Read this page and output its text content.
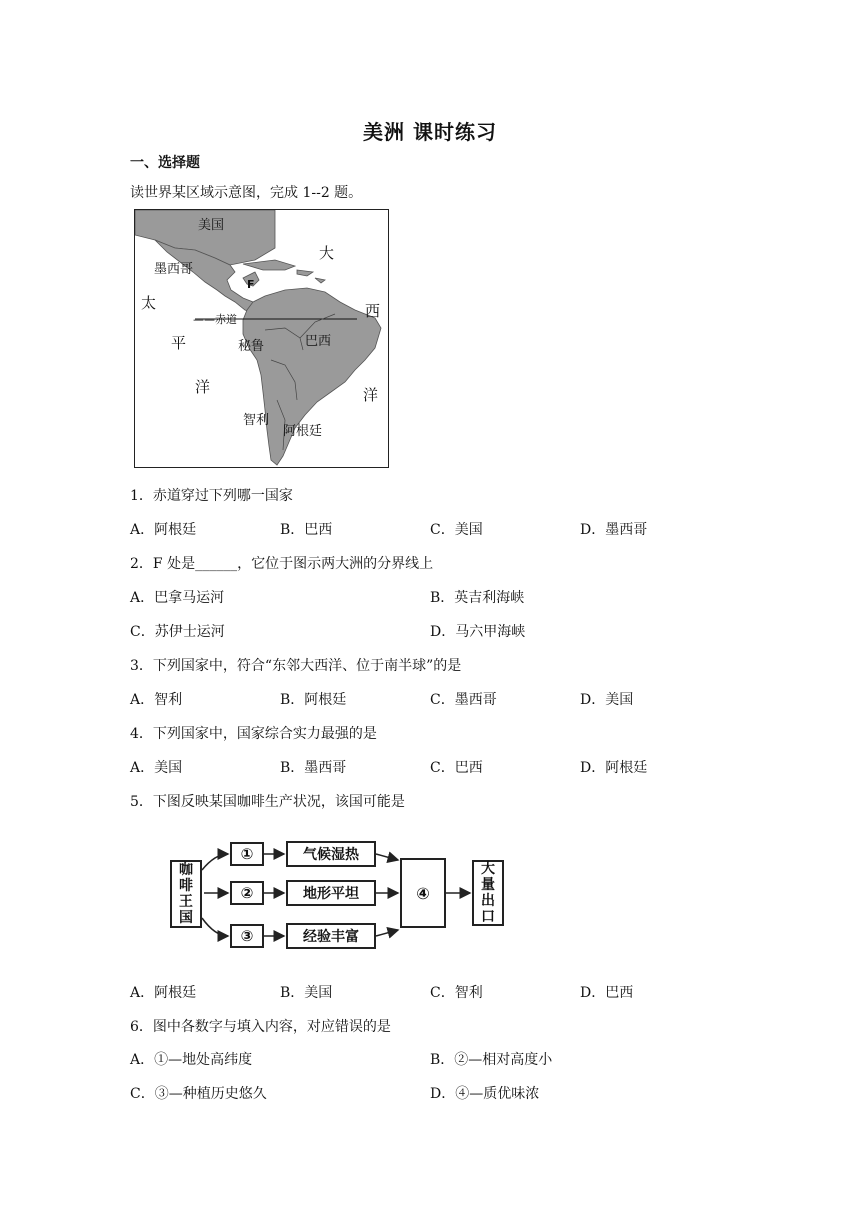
美洲 课时练习
一、选择题
读世界某区域示意图，完成 1--2 题。
美国
墨西哥
F
——赤道
秘鲁	巴西
智利
阿根廷
大
西
洋
太
平
洋
1．赤道穿过下列哪一国家
A．阿根廷	B．巴西	C．美国	D．墨西哥
2．F 处是______，它位于图示两大洲的分界线上
A．巴拿马运河	B．英吉利海峡
C．苏伊士运河	D．马六甲海峡
3．下列国家中，符合“东邻大西洋、位于南半球”的是
A．智利	B．阿根廷	C．墨西哥	D．美国
4．下列国家中，国家综合实力最强的是
A．美国	B．墨西哥	C．巴西	D．阿根廷
5．下图反映某国咖啡生产状况，该国可能是
咖啡王国
①
②
③
气候湿热
地形平坦
经验丰富
④
大量出口
A．阿根廷	B．美国	C．智利	D．巴西
6．图中各数字与填入内容，对应错误的是
A．①—地处高纬度	B．②—相对高度小
C．③—种植历史悠久	D．④—质优味浓
